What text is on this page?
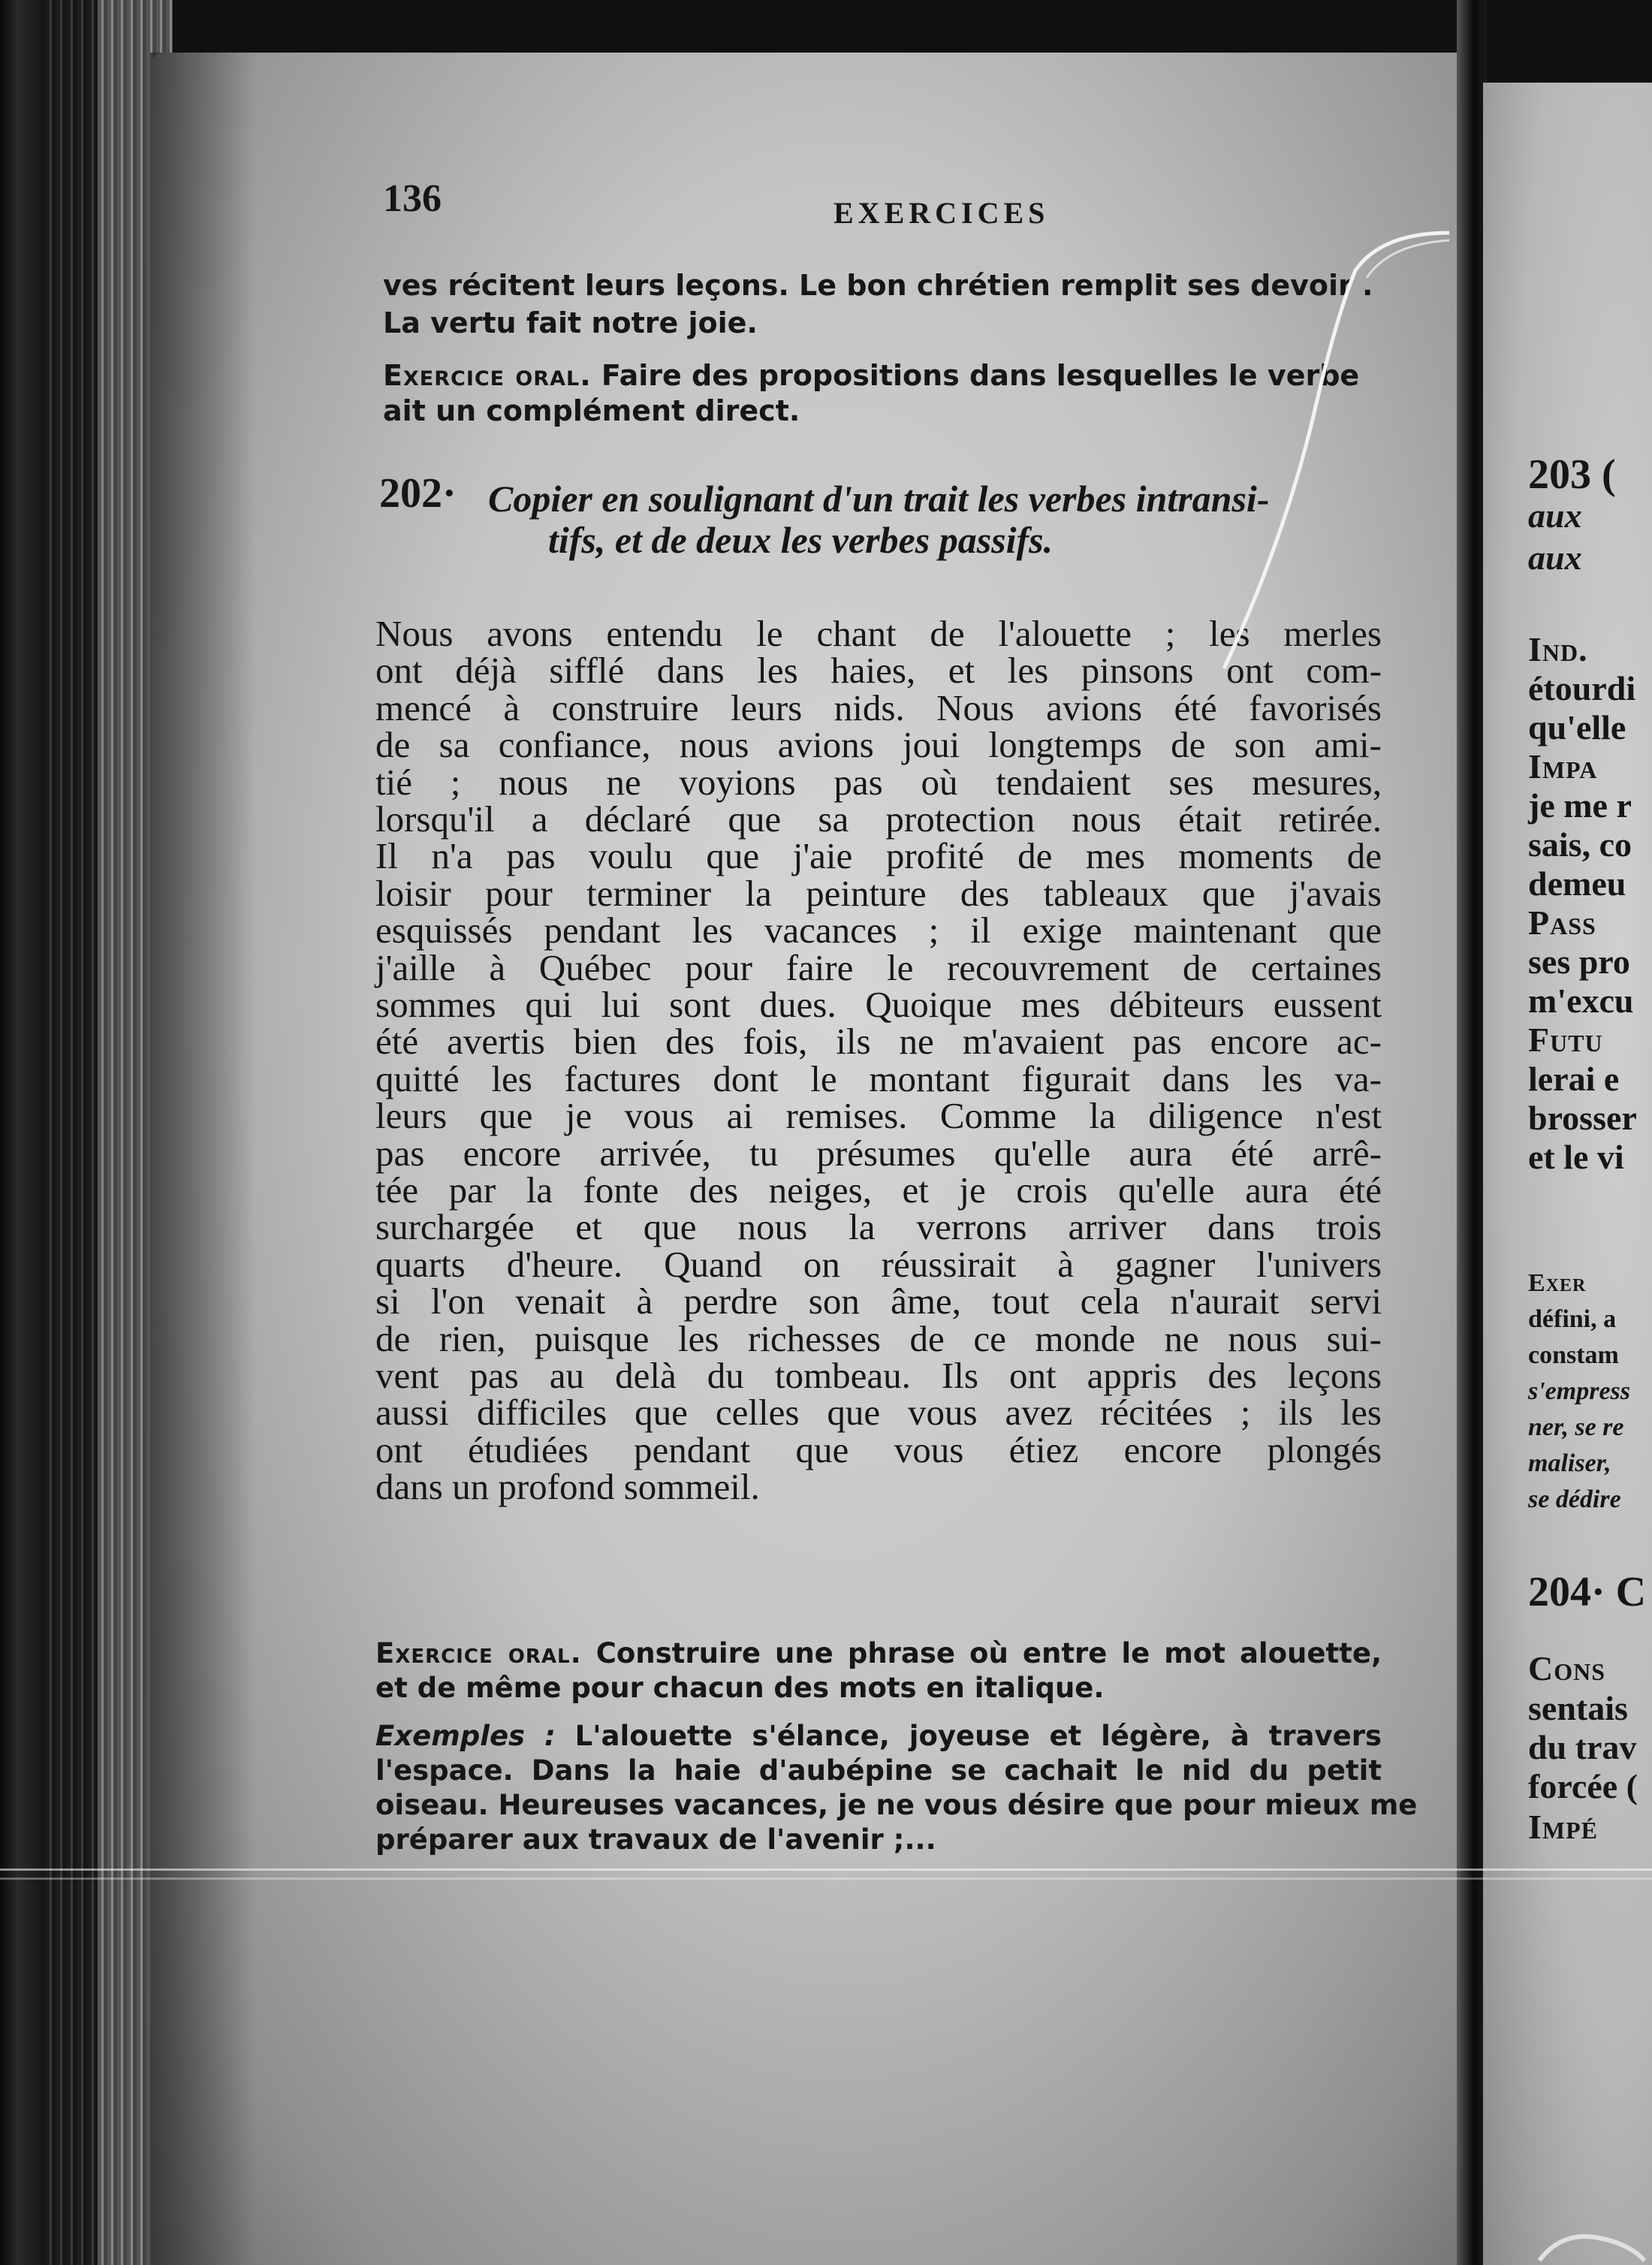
136	EXERCICES
ves récitent leurs leçons. Le bon chrétien remplit ses devoir .
La vertu fait notre joie.
Exercice oral. Faire des propositions dans lesquelles le verbe
ait un complément direct.
202· Copier en soulignant d'un trait les verbes intransi-
tifs, et de deux les verbes passifs.
Nous avons entendu le chant de l'alouette ; les merles
ont déjà sifflé dans les haies, et les pinsons ont com-
mencé à construire leurs nids. Nous avions été favorisés
de sa confiance, nous avions joui longtemps de son ami-
tié ; nous ne voyions pas où tendaient ses mesures,
lorsqu'il a déclaré que sa protection nous était retirée.
Il n'a pas voulu que j'aie profité de mes moments de
loisir pour terminer la peinture des tableaux que j'avais
esquissés pendant les vacances ; il exige maintenant que
j'aille à Québec pour faire le recouvrement de certaines
sommes qui lui sont dues. Quoique mes débiteurs eussent
été avertis bien des fois, ils ne m'avaient pas encore ac-
quitté les factures dont le montant figurait dans les va-
leurs que je vous ai remises. Comme la diligence n'est
pas encore arrivée, tu présumes qu'elle aura été arrê-
tée par la fonte des neiges, et je crois qu'elle aura été
surchargée et que nous la verrons arriver dans trois
quarts d'heure. Quand on réussirait à gagner l'univers
si l'on venait à perdre son âme, tout cela n'aurait servi
de rien, puisque les richesses de ce monde ne nous sui-
vent pas au delà du tombeau. Ils ont appris des leçons
aussi difficiles que celles que vous avez récitées ; ils les
ont étudiées pendant que vous étiez encore plongés
dans un profond sommeil.
Exercice oral. Construire une phrase où entre le mot alouette,
et de même pour chacun des mots en italique.
Exemples : L'alouette s'élance, joyeuse et légère, à travers
l'espace. Dans la haie d'aubépine se cachait le nid du petit
oiseau. Heureuses vacances, je ne vous désire que pour mieux me
préparer aux travaux de l'avenir ;...
203 (
aux
aux
Ind.
étourdi
qu'elle
Impa
je me r
sais, co
demeu
Pass
ses pro
m'excu
Futu
lerai e
brosser
et le vi
Exer
défini, a
constam
s'empress
ner, se re
maliser,
se dédire
204· C
Cons
sentais
du trav
forcée (
Impé
